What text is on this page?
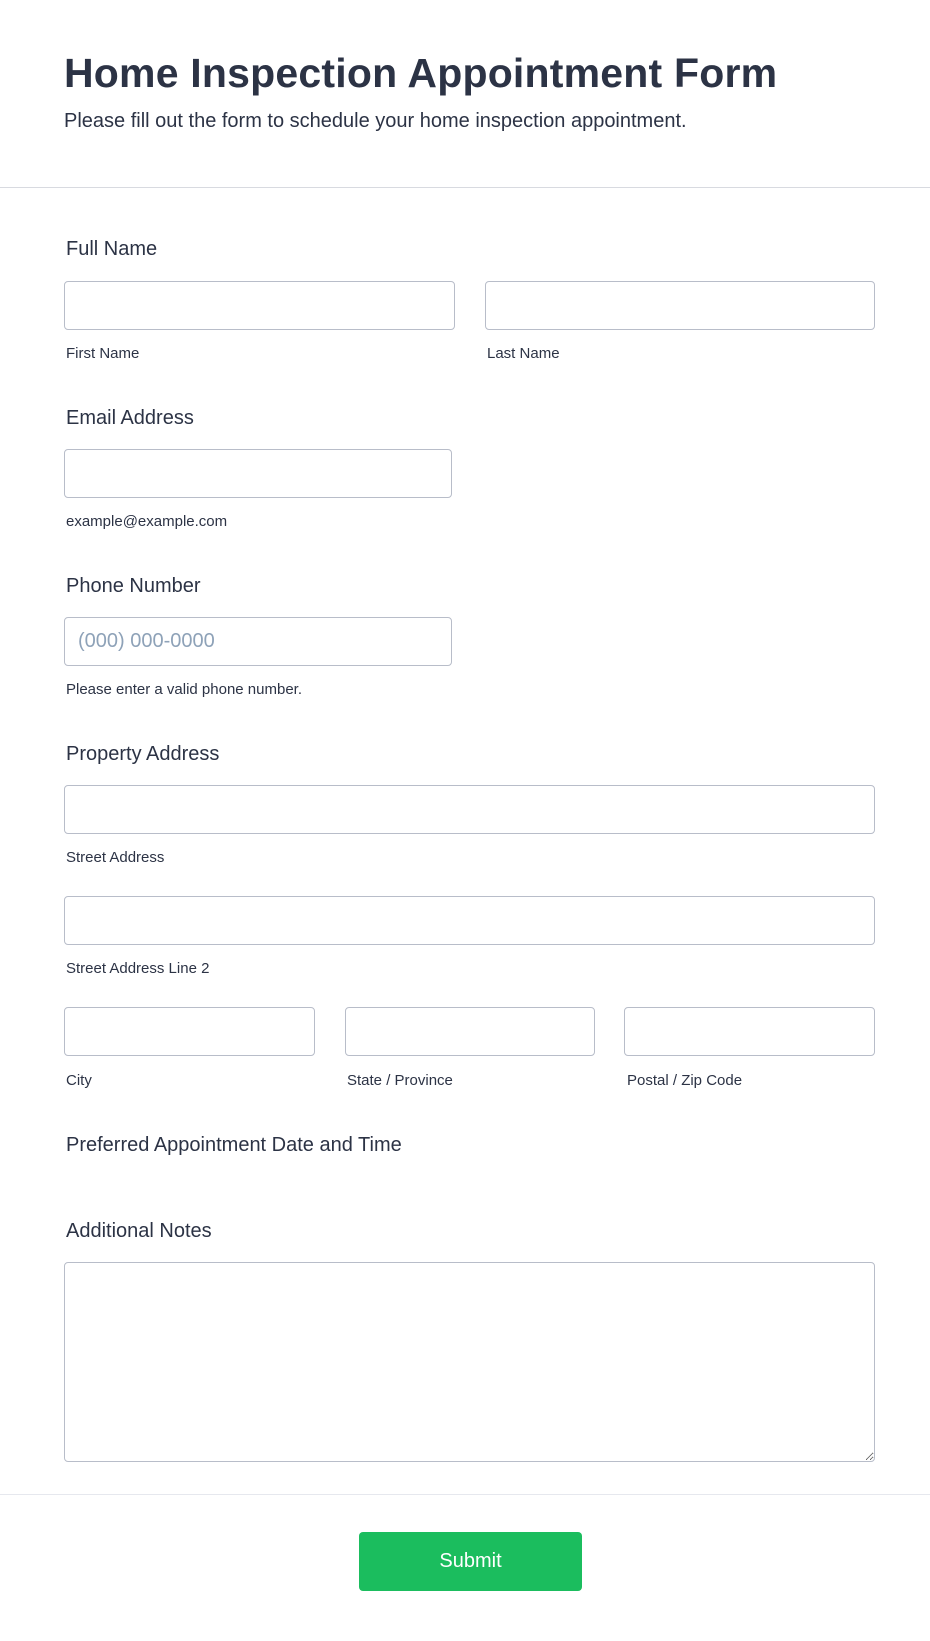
Home Inspection Appointment Form
Please fill out the form to schedule your home inspection appointment.
Full Name
First Name	Last Name
Email Address
example@example.com
Phone Number
(000) 000-0000
Please enter a valid phone number.
Property Address
Street Address
Street Address Line 2
City	State / Province	Postal / Zip Code
Preferred Appointment Date and Time
Additional Notes
Submit
